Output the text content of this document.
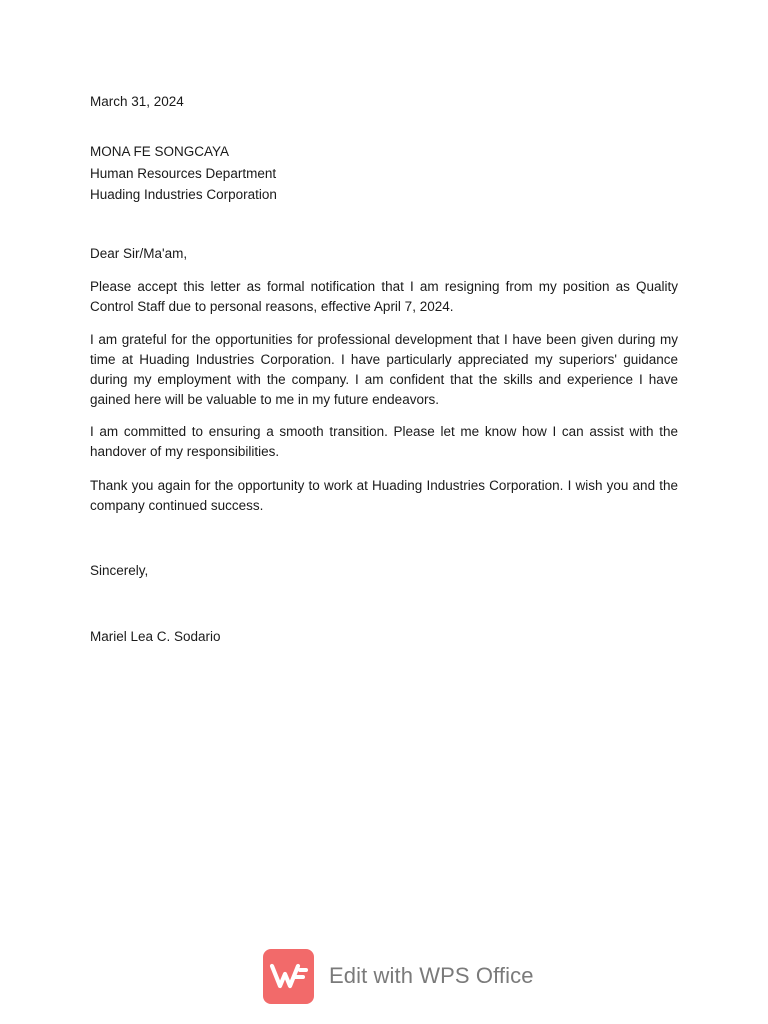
March 31, 2024
MONA FE SONGCAYA
Human Resources Department
Huading Industries Corporation
Dear Sir/Ma'am,

Please accept this letter as formal notification that I am resigning from my position as Quality Control Staff due to personal reasons, effective April 7, 2024.

I am grateful for the opportunities for professional development that I have been given during my time at Huading Industries Corporation. I have particularly appreciated my superiors' guidance during my employment with the company. I am confident that the skills and experience I have gained here will be valuable to me in my future endeavors.

I am committed to ensuring a smooth transition. Please let me know how I can assist with the handover of my responsibilities.

Thank you again for the opportunity to work at Huading Industries Corporation. I wish you and the company continued success.

Sincerely,
Mariel Lea C. Sodario
Edit with WPS Office
